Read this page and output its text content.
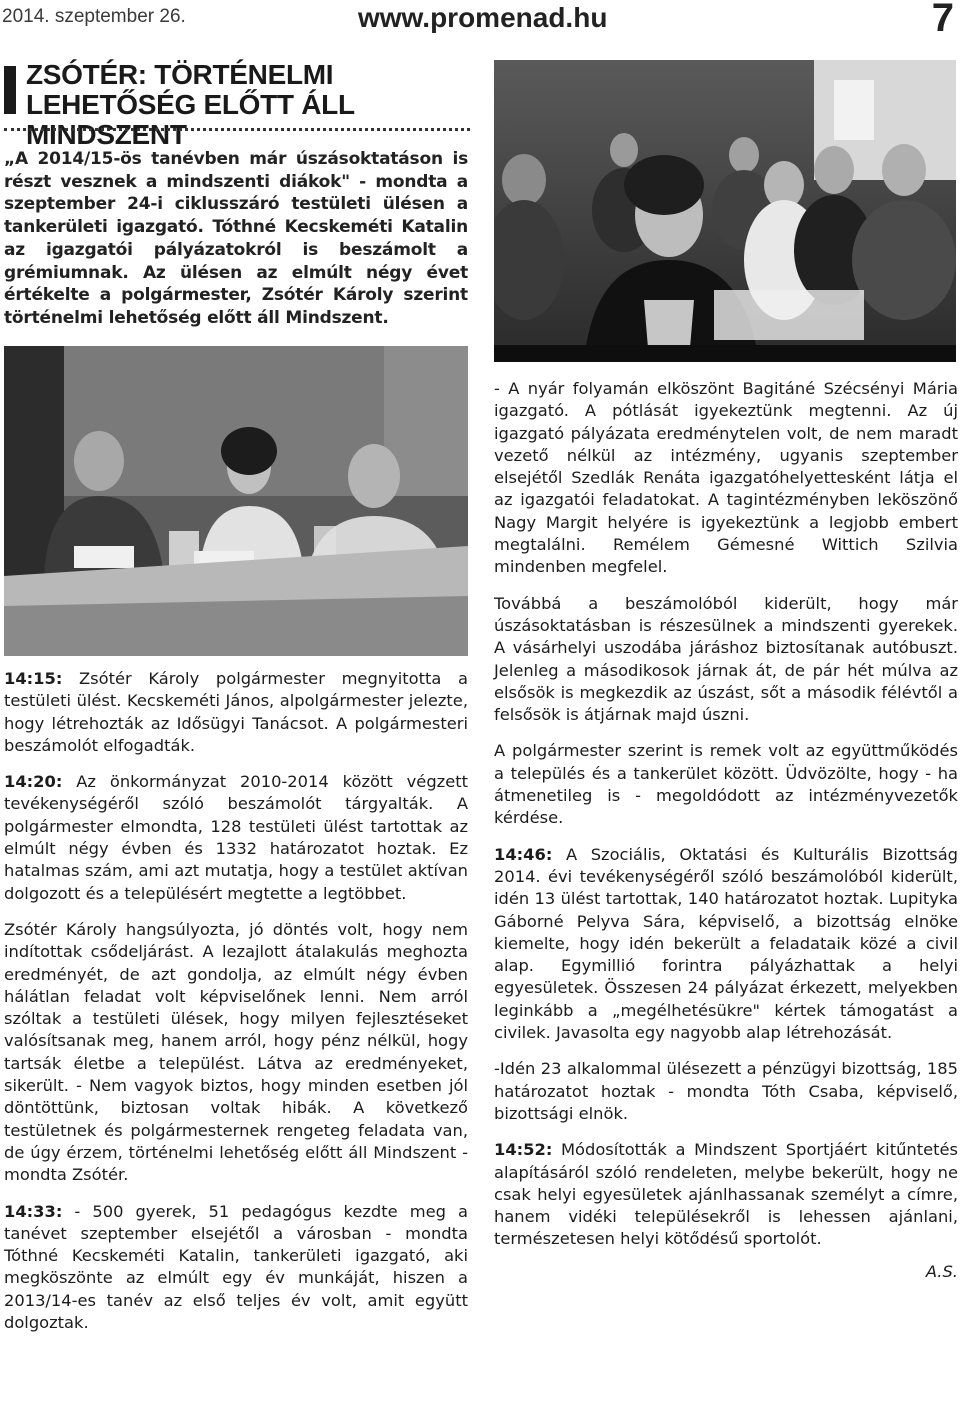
2014. szeptember 26.	www.promenad.hu	7
ZSÓTÉR: TÖRTÉNELMI LEHETŐSÉG ELŐTT ÁLL MINDSZENT
„A 2014/15-ös tanévben már úszásoktatáson is részt vesznek a mindszenti diákok" - mondta a szeptember 24-i ciklusszáró testületi ülésen a tankerületi igazgató. Tóthné Kecskeméti Katalin az igazgatói pályázatokról is beszámolt a grémiumnak. Az ülésen az elmúlt négy évet értékelte a polgármester, Zsótér Károly szerint történelmi lehetőség előtt áll Mindszent.

14:15: Zsótér Károly polgármester megnyitotta a testületi ülést. Kecskeméti János, alpolgármester jelezte, hogy létrehozták az Idősügyi Tanácsot. A polgármesteri beszámolót elfogadták.

14:20: Az önkormányzat 2010-2014 között végzett tevékenységéről szóló beszámolót tárgyalták. A polgármester elmondta, 128 testületi ülést tartottak az elmúlt négy évben és 1332 határozatot hoztak. Ez hatalmas szám, ami azt mutatja, hogy a testület aktívan dolgozott és a településért megtette a legtöbbet.

Zsótér Károly hangsúlyozta, jó döntés volt, hogy nem indítottak csődeljárást. A lezajlott átalakulás meghozta eredményét, de azt gondolja, az elmúlt négy évben hálátlan feladat volt képviselőnek lenni. Nem arról szóltak a testületi ülések, hogy milyen fejlesztéseket valósítsanak meg, hanem arról, hogy pénz nélkül, hogy tartsák életbe a települést. Látva az eredményeket, sikerült. - Nem vagyok biztos, hogy minden esetben jól döntöttünk, biztosan voltak hibák. A következő testületnek és polgármesternek rengeteg feladata van, de úgy érzem, történelmi lehetőség előtt áll Mindszent - mondta Zsótér.

14:33: - 500 gyerek, 51 pedagógus kezdte meg a tanévet szeptember elsejétől a városban - mondta Tóthné Kecskeméti Katalin, tankerületi igazgató, aki megköszönte az elmúlt egy év munkáját, hiszen a 2013/14-es tanév az első teljes év volt, amit együtt dolgoztak.

- A nyár folyamán elköszönt Bagitáné Szécsényi Mária igazgató. A pótlását igyekeztünk megtenni. Az új igazgató pályázata eredménytelen volt, de nem maradt vezető nélkül az intézmény, ugyanis szeptember elsejétől Szedlák Renáta igazgatóhelyettesként látja el az igazgatói feladatokat. A tagintézményben leköszönő Nagy Margit helyére is igyekeztünk a legjobb embert megtalálni. Remélem Gémesné Wittich Szilvia mindenben megfelel.

Továbbá a beszámolóból kiderült, hogy már úszásoktatásban is részesülnek a mindszenti gyerekek. A vásárhelyi uszodába járáshoz biztosítanak autóbuszt. Jelenleg a másodikosok járnak át, de pár hét múlva az elsősök is megkezdik az úszást, sőt a második félévtől a felsősök is átjárnak majd úszni.

A polgármester szerint is remek volt az együttműködés a település és a tankerület között. Üdvözölte, hogy - ha átmenetileg is - megoldódott az intézményvezetők kérdése.

14:46: A Szociális, Oktatási és Kulturális Bizottság 2014. évi tevékenységéről szóló beszámolóból kiderült, idén 13 ülést tartottak, 140 határozatot hoztak. Lupityka Gáborné Pelyva Sára, képviselő, a bizottság elnöke kiemelte, hogy idén bekerült a feladataik közé a civil alap. Egymillió forintra pályázhattak a helyi egyesületek. Összesen 24 pályázat érkezett, melyekben leginkább a „megélhetésükre" kértek támogatást a civilek. Javasolta egy nagyobb alap létrehozását.

-Idén 23 alkalommal ülésezett a pénzügyi bizottság, 185 határozatot hoztak - mondta Tóth Csaba, képviselő, bizottsági elnök.

14:52: Módosították a Mindszent Sportjáért kitűntetés alapításáról szóló rendeleten, melybe bekerült, hogy ne csak helyi egyesületek ajánlhassanak személyt a címre, hanem vidéki településekről is lehessen ajánlani, természetesen helyi kötődésű sportolót.

A.S.
